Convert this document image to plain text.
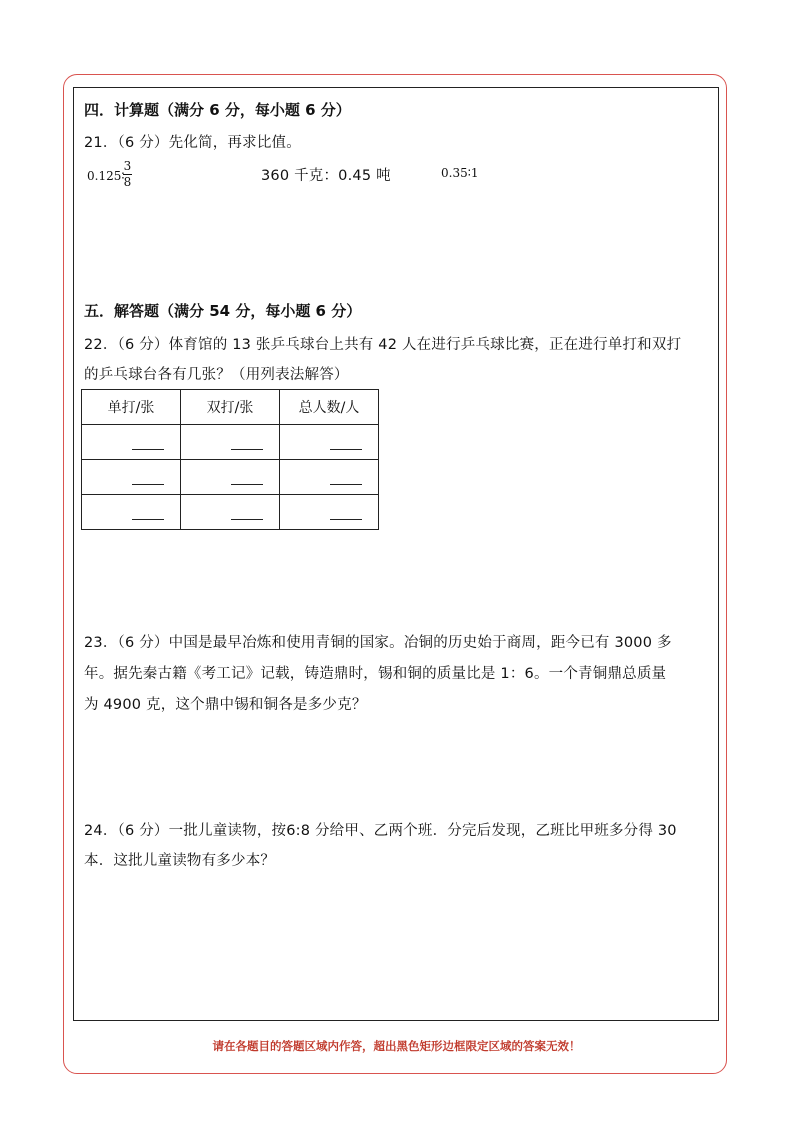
四．计算题（满分 6 分，每小题 6 分）
21．（6 分）先化简，再求比值。
0.125∶
3
8	360 千克：0.45 吨	0.35∶1
五．解答题（满分 54 分，每小题 6 分）
22．（6 分）体育馆的 13 张乒乓球台上共有 42 人在进行乒乓球比赛，正在进行单打和双打
的乒乓球台各有几张？（用列表法解答）
单打/张	双打/张	总人数/人

23．（6 分）中国是最早冶炼和使用青铜的国家。冶铜的历史始于商周，距今已有 3000 多
年。据先秦古籍《考工记》记载，铸造鼎时，锡和铜的质量比是 1：6。一个青铜鼎总质量
为 4900 克，这个鼎中锡和铜各是多少克？
24．（6 分）一批儿童读物，按6:8 分给甲、乙两个班．分完后发现，乙班比甲班多分得 30
本．这批儿童读物有多少本？
请在各题目的答题区域内作答，超出黑色矩形边框限定区域的答案无效！
